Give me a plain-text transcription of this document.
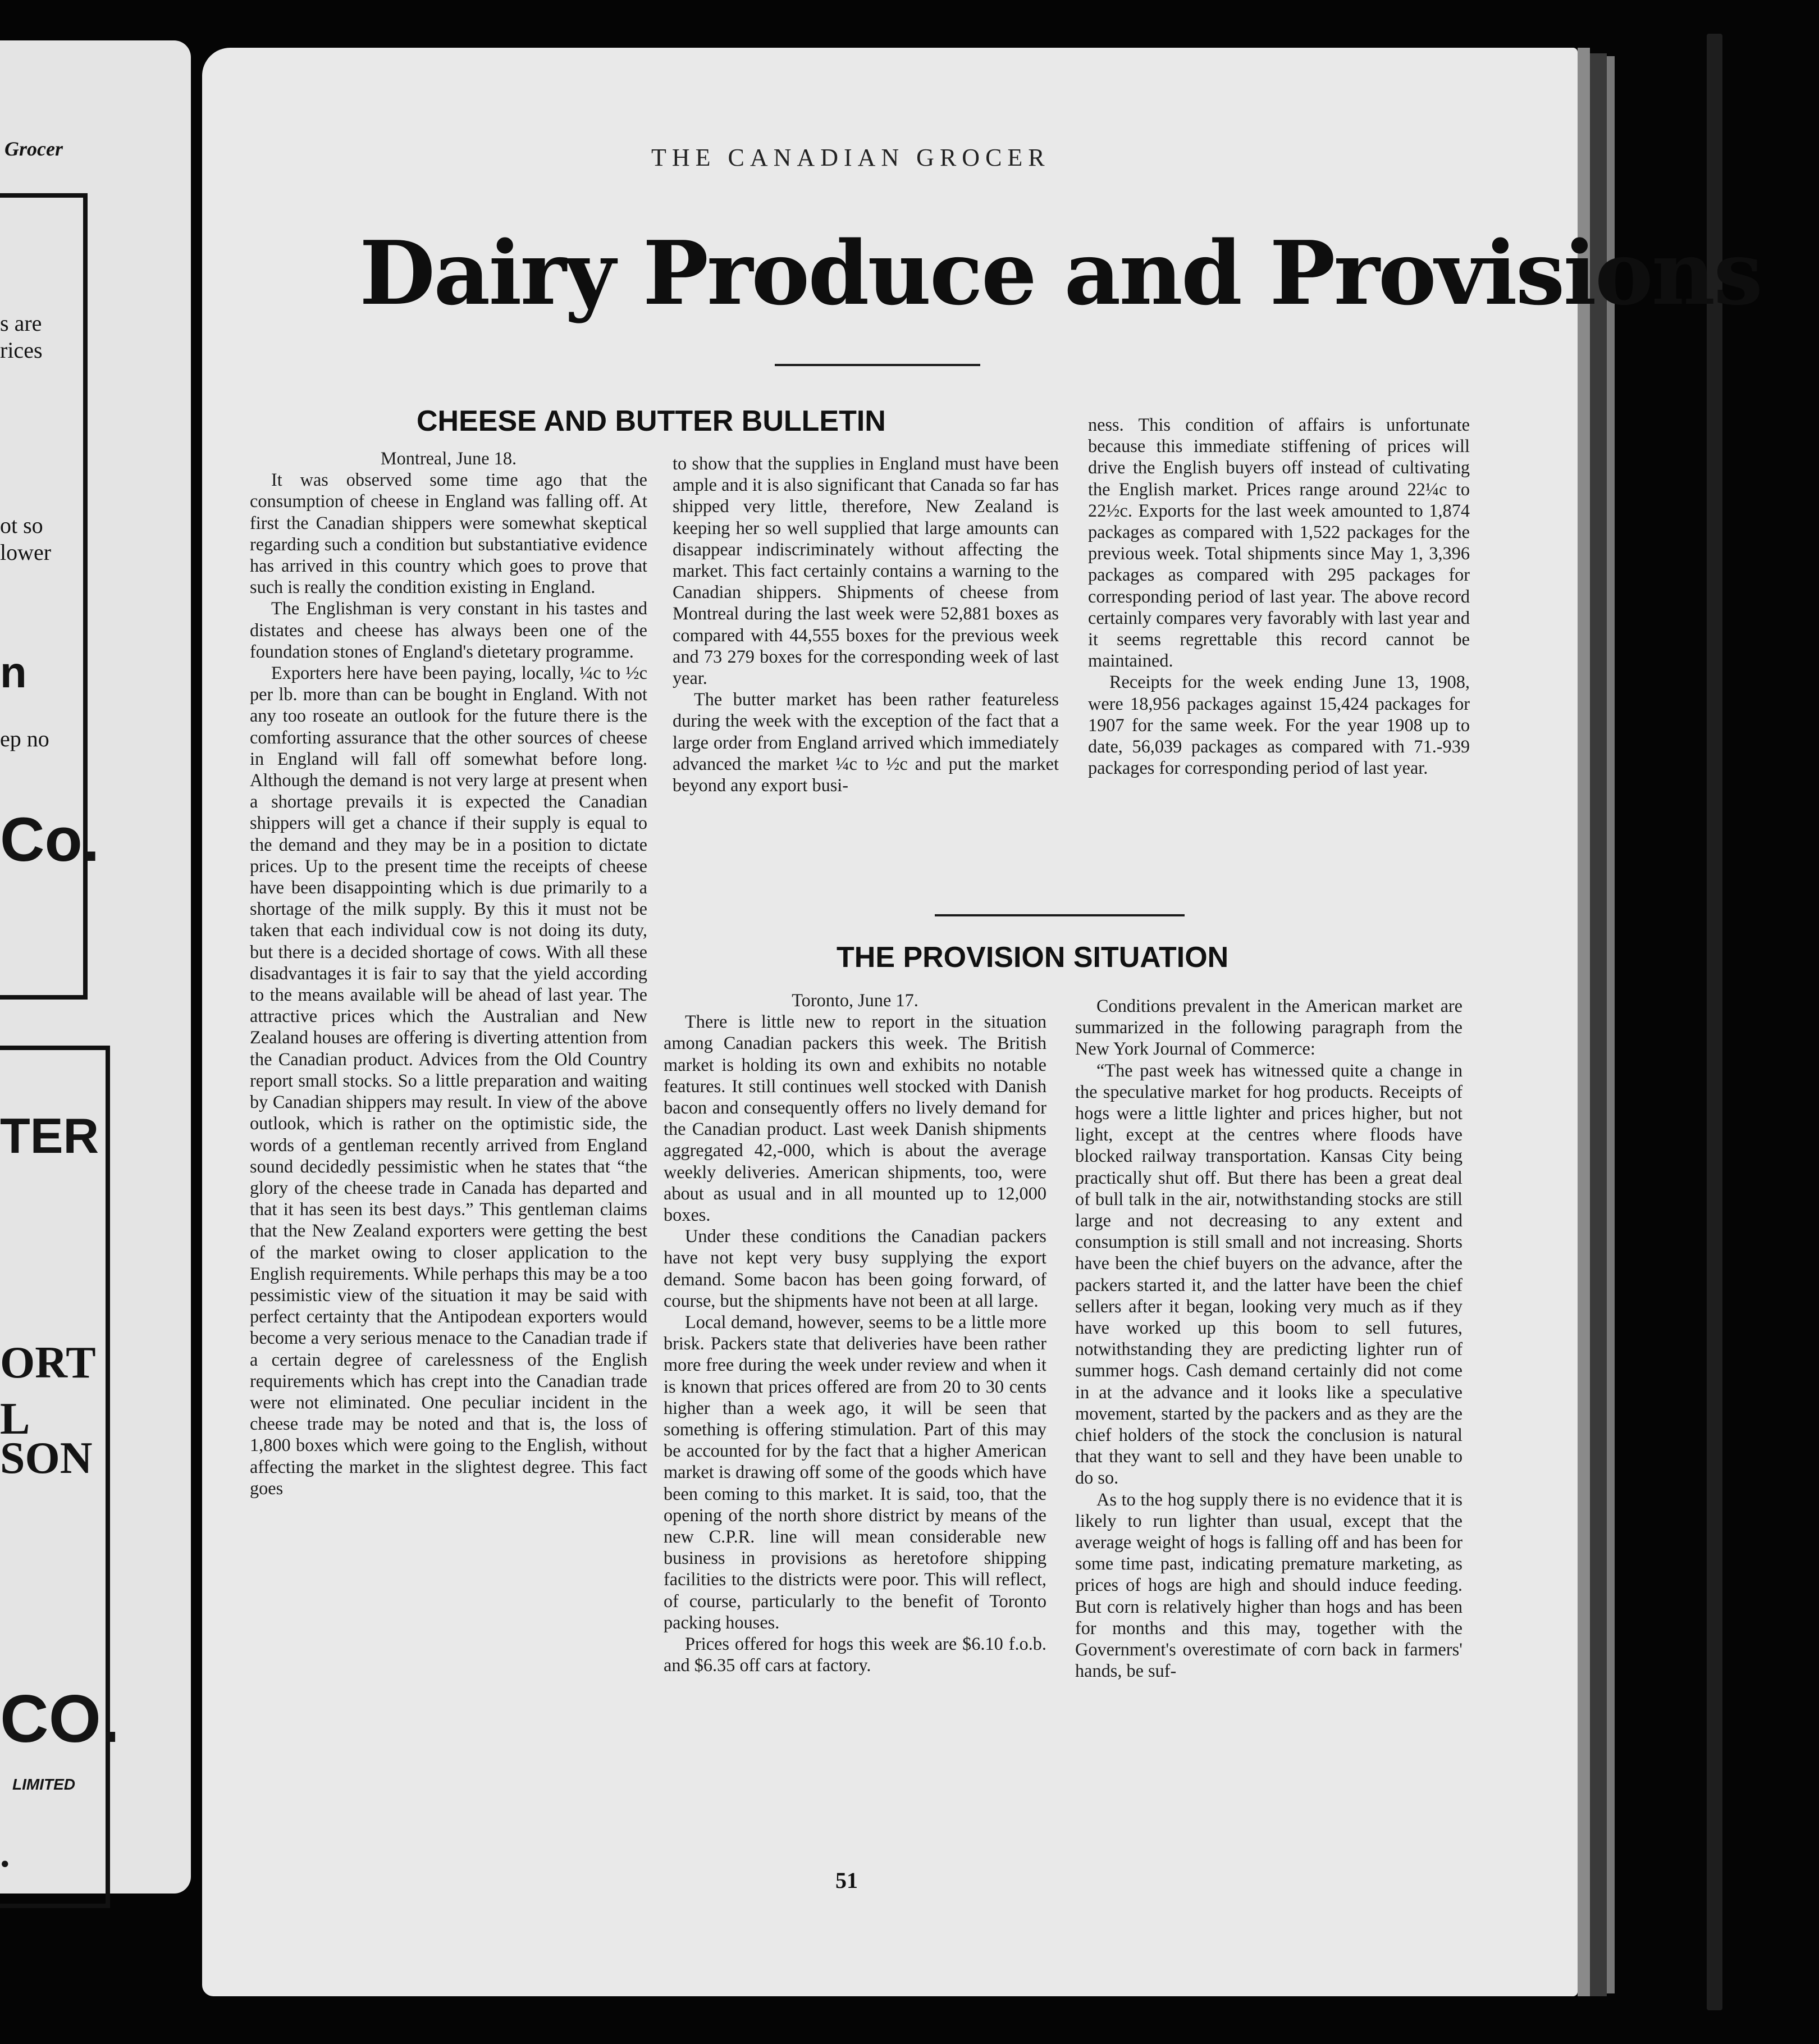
Grocer
s are
rices
ot so
lower
n
ep no
Co.
TER
ORT
L
SON
CO.
LIMITED
.
THE CANADIAN GROCER
Dairy Produce and Provisions
CHEESE AND BUTTER BULLETIN

Montreal, June 18.

It was observed some time ago that the consumption of cheese in England was falling off. At first the Canadian shippers were somewhat skeptical regarding such a condition but substantiative evidence has arrived in this country which goes to prove that such is really the condition existing in England.

The Englishman is very constant in his tastes and distates and cheese has always been one of the foundation stones of England's dietetary programme.

Exporters here have been paying, locally, ¼c to ½c per lb. more than can be bought in England. With not any too roseate an outlook for the future there is the comforting assurance that the other sources of cheese in England will fall off somewhat before long. Although the demand is not very large at present when a shortage prevails it is expected the Canadian shippers will get a chance if their supply is equal to the demand and they may be in a position to dictate prices. Up to the present time the receipts of cheese have been disappointing which is due primarily to a shortage of the milk supply. By this it must not be taken that each individual cow is not doing its duty, but there is a decided shortage of cows. With all these disadvantages it is fair to say that the yield according to the means available will be ahead of last year. The attractive prices which the Australian and New Zealand houses are offering is diverting attention from the Canadian product. Advices from the Old Country report small stocks. So a little preparation and waiting by Canadian shippers may result. In view of the above outlook, which is rather on the optimistic side, the words of a gentleman recently arrived from England sound decidedly pessimistic when he states that “the glory of the cheese trade in Canada has departed and that it has seen its best days.” This gentleman claims that the New Zealand exporters were getting the best of the market owing to closer application to the English requirements. While perhaps this may be a too pessimistic view of the situation it may be said with perfect certainty that the Antipodean exporters would become a very serious menace to the Canadian trade if a certain degree of carelessness of the English requirements which has crept into the Canadian trade were not eliminated. One peculiar incident in the cheese trade may be noted and that is, the loss of 1,800 boxes which were going to the English, without affecting the market in the slightest degree. This fact goes

to show that the supplies in England must have been ample and it is also significant that Canada so far has shipped very little, therefore, New Zealand is keeping her so well supplied that large amounts can disappear indiscriminately without affecting the market. This fact certainly contains a warning to the Canadian shippers. Shipments of cheese from Montreal during the last week were 52,881 boxes as compared with 44,555 boxes for the previous week and 73 279 boxes for the corresponding week of last year.

The butter market has been rather featureless during the week with the exception of the fact that a large order from England arrived which immediately advanced the market ¼c to ½c and put the market beyond any export busi-

ness. This condition of affairs is unfortunate because this immediate stiffening of prices will drive the English buyers off instead of cultivating the English market. Prices range around 22¼c to 22½c. Exports for the last week amounted to 1,874 packages as compared with 1,522 packages for the previous week. Total shipments since May 1, 3,396 packages as compared with 295 packages for corresponding period of last year. The above record certainly compares very favorably with last year and it seems regrettable this record cannot be maintained.

Receipts for the week ending June 13, 1908, were 18,956 packages against 15,424 packages for 1907 for the same week. For the year 1908 up to date, 56,039 packages as compared with 71.-939 packages for corresponding period of last year.

THE PROVISION SITUATION

Toronto, June 17.

There is little new to report in the situation among Canadian packers this week. The British market is holding its own and exhibits no notable features. It still continues well stocked with Danish bacon and consequently offers no lively demand for the Canadian product. Last week Danish shipments aggregated 42,-000, which is about the average weekly deliveries. American shipments, too, were about as usual and in all mounted up to 12,000 boxes.

Under these conditions the Canadian packers have not kept very busy supplying the export demand. Some bacon has been going forward, of course, but the shipments have not been at all large.

Local demand, however, seems to be a little more brisk. Packers state that deliveries have been rather more free during the week under review and when it is known that prices offered are from 20 to 30 cents higher than a week ago, it will be seen that something is offering stimulation. Part of this may be accounted for by the fact that a higher American market is drawing off some of the goods which have been coming to this market. It is said, too, that the opening of the north shore district by means of the new C.P.R. line will mean considerable new business in provisions as heretofore shipping facilities to the districts were poor. This will reflect, of course, particularly to the benefit of Toronto packing houses.

Prices offered for hogs this week are $6.10 f.o.b. and $6.35 off cars at factory.

Conditions prevalent in the American market are summarized in the following paragraph from the New York Journal of Commerce:

“The past week has witnessed quite a change in the speculative market for hog products. Receipts of hogs were a little lighter and prices higher, but not light, except at the centres where floods have blocked railway transportation. Kansas City being practically shut off. But there has been a great deal of bull talk in the air, notwithstanding stocks are still large and not decreasing to any extent and consumption is still small and not increasing. Shorts have been the chief buyers on the advance, after the packers started it, and the latter have been the chief sellers after it began, looking very much as if they have worked up this boom to sell futures, notwithstanding they are predicting lighter run of summer hogs. Cash demand certainly did not come in at the advance and it looks like a speculative movement, started by the packers and as they are the chief holders of the stock the conclusion is natural that they want to sell and they have been unable to do so.

As to the hog supply there is no evidence that it is likely to run lighter than usual, except that the average weight of hogs is falling off and has been for some time past, indicating premature marketing, as prices of hogs are high and should induce feeding. But corn is relatively higher than hogs and has been for months and this may, together with the Government's overestimate of corn back in farmers' hands, be suf-

51
